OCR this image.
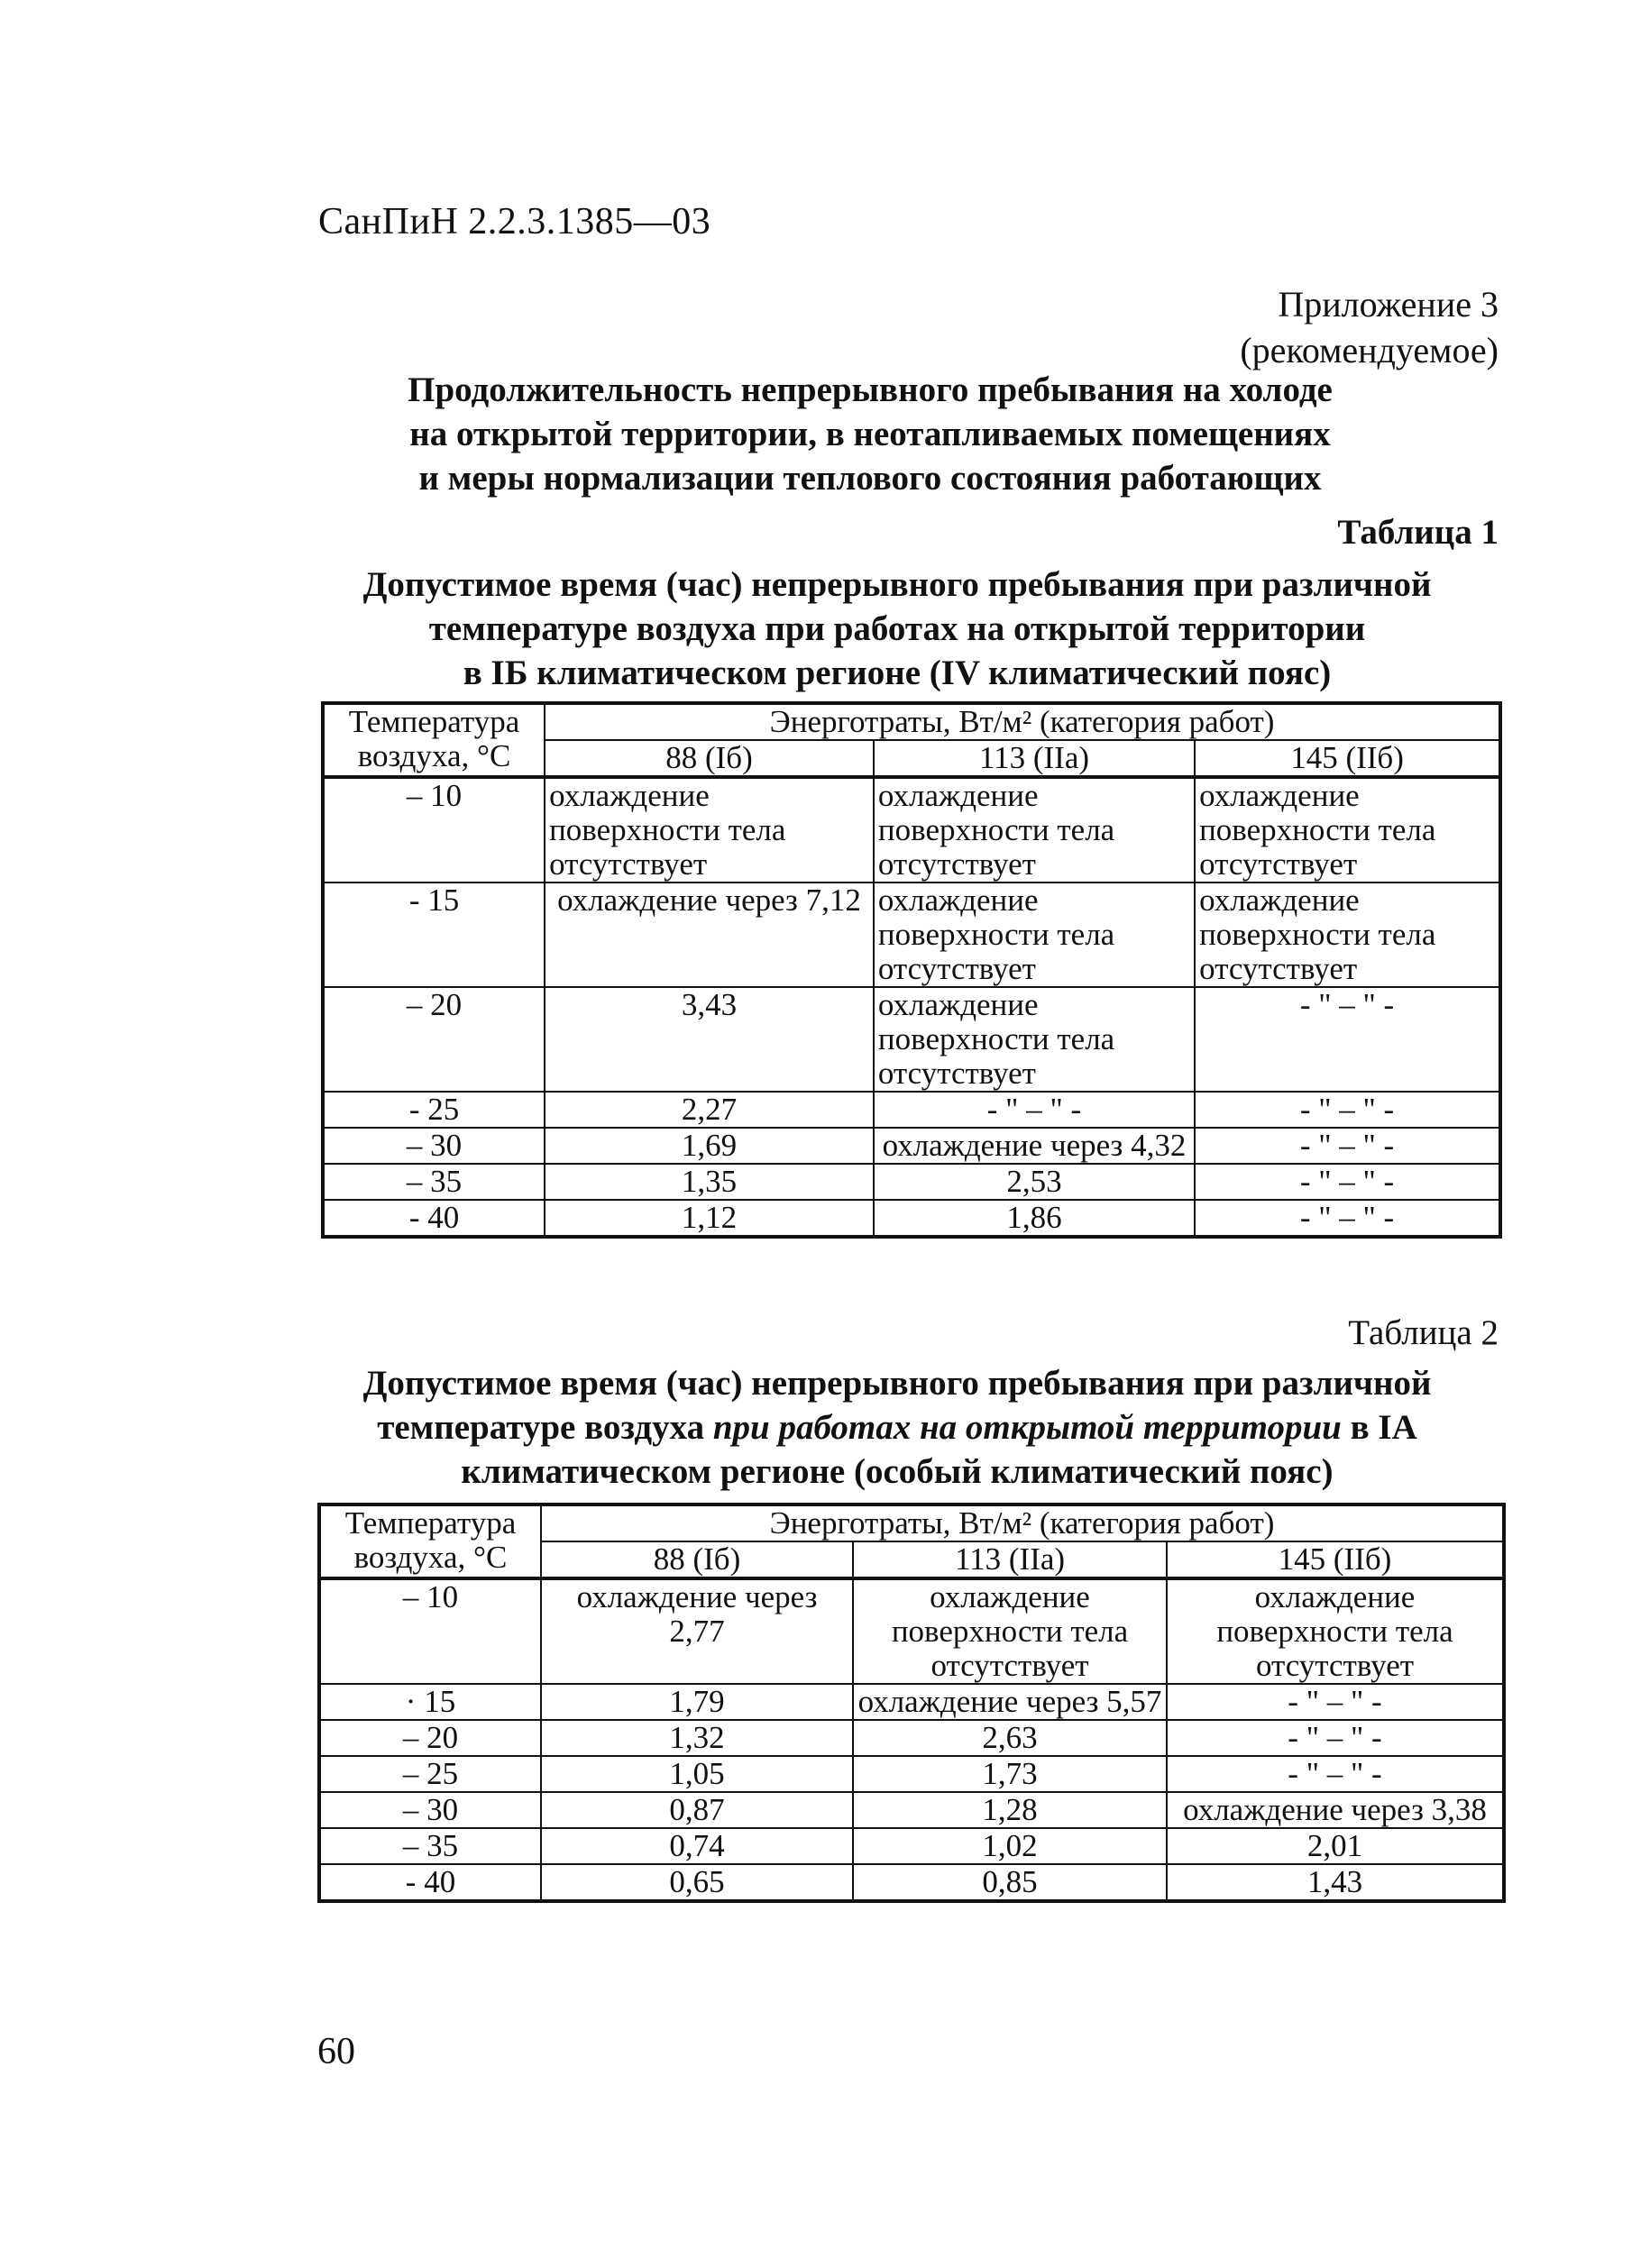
СанПиН 2.2.3.1385—03
Приложение 3
(рекомендуемое)
Продолжительность непрерывного пребывания на холоде
на открытой территории, в неотапливаемых помещениях
и меры нормализации теплового состояния работающих
Таблица 1
Допустимое время (час) непрерывного пребывания при различной
температуре воздуха при работах на открытой территории
в IБ климатическом регионе (IV климатический пояс)
Температура воздуха, °С	Энерготраты, Вт/м² (категория работ)		
	88 (Iб)	113 (IIа)	145 (IIб)
– 10	охлаждение поверхности тела отсутствует	охлаждение поверхности тела отсутствует	охлаждение поверхности тела отсутствует
- 15	охлаждение через 7,12	охлаждение поверхности тела отсутствует	охлаждение поверхности тела отсутствует
– 20	3,43	охлаждение поверхности тела отсутствует	- " – " -
- 25	2,27	- " – " -	- " – " -
– 30	1,69	охлаждение через 4,32	- " – " -
– 35	1,35	2,53	- " – " -
- 40	1,12	1,86	- " – " -
Таблица 2
Допустимое время (час) непрерывного пребывания при различной
температуре воздуха при работах на открытой территории в IА
климатическом регионе (особый климатический пояс)
Температура воздуха, °С	Энерготраты, Вт/м² (категория работ)		
	88 (Iб)	113 (IIа)	145 (IIб)
– 10	охлаждение через 2,77	охлаждение поверхности тела отсутствует	охлаждение поверхности тела отсутствует
· 15	1,79	охлаждение через 5,57	- " – " -
– 20	1,32	2,63	- " – " -
– 25	1,05	1,73	- " – " -
– 30	0,87	1,28	охлаждение через 3,38
– 35	0,74	1,02	2,01
- 40	0,65	0,85	1,43
60
